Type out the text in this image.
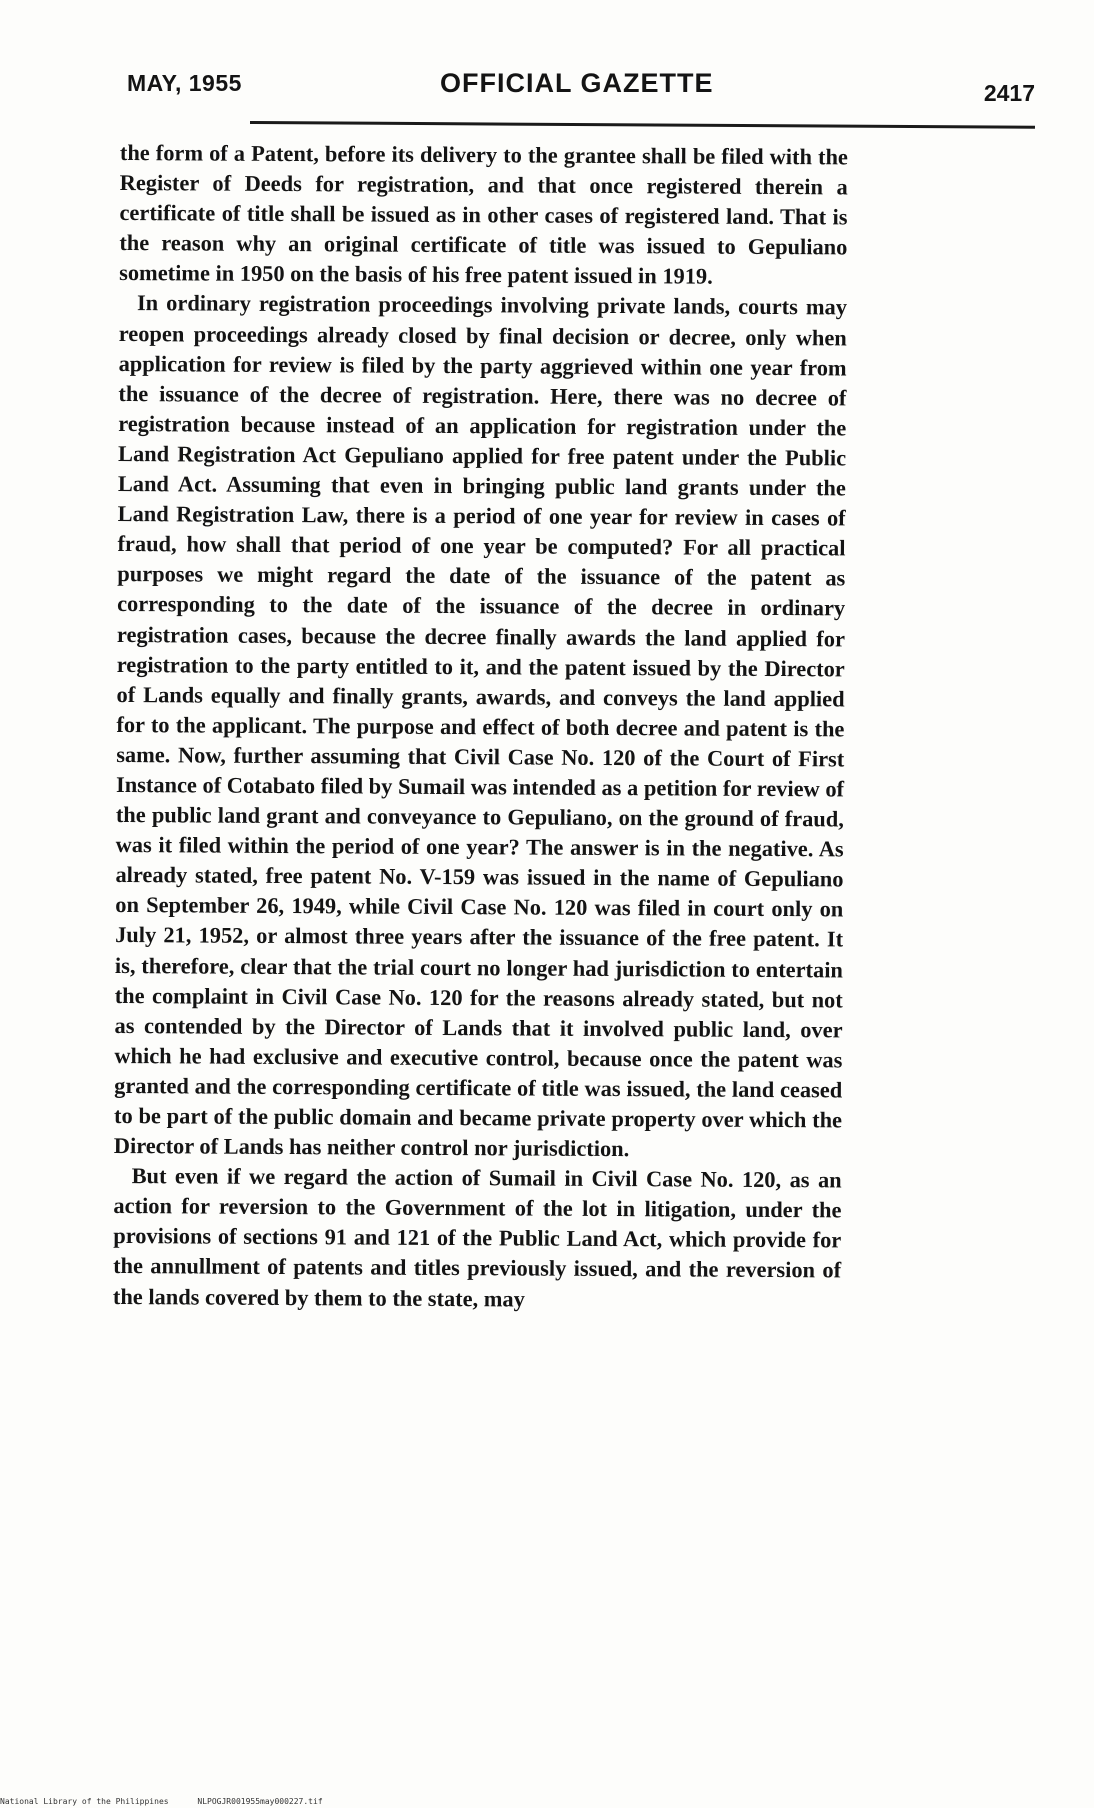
MAY, 1955	OFFICIAL GAZETTE	2417

the form of a Patent, before its delivery to the grantee shall be filed with the Register of Deeds for registration, and that once registered therein a certificate of title shall be issued as in other cases of registered land. That is the reason why an original certificate of title was issued to Gepuliano sometime in 1950 on the basis of his free patent issued in 1919.

In ordinary registration proceedings involving private lands, courts may reopen proceedings already closed by final decision or decree, only when application for review is filed by the party aggrieved within one year from the issuance of the decree of registration. Here, there was no decree of registration because instead of an application for registration under the Land Registration Act Gepuliano applied for free patent under the Public Land Act. Assuming that even in bringing public land grants under the Land Registration Law, there is a period of one year for review in cases of fraud, how shall that period of one year be computed? For all practical purposes we might regard the date of the issuance of the patent as corresponding to the date of the issuance of the decree in ordinary registration cases, because the decree finally awards the land applied for registration to the party entitled to it, and the patent issued by the Director of Lands equally and finally grants, awards, and conveys the land applied for to the applicant. The purpose and effect of both decree and patent is the same. Now, further assuming that Civil Case No. 120 of the Court of First Instance of Cotabato filed by Sumail was intended as a petition for review of the public land grant and conveyance to Gepuliano, on the ground of fraud, was it filed within the period of one year? The answer is in the negative. As already stated, free patent No. V-159 was issued in the name of Gepuliano on September 26, 1949, while Civil Case No. 120 was filed in court only on July 21, 1952, or almost three years after the issuance of the free patent. It is, therefore, clear that the trial court no longer had jurisdiction to entertain the complaint in Civil Case No. 120 for the reasons already stated, but not as contended by the Director of Lands that it involved public land, over which he had exclusive and executive control, because once the patent was granted and the corresponding certificate of title was issued, the land ceased to be part of the public domain and became private property over which the Director of Lands has neither control nor jurisdiction.

But even if we regard the action of Sumail in Civil Case No. 120, as an action for reversion to the Government of the lot in litigation, under the provisions of sections 91 and 121 of the Public Land Act, which provide for the annullment of patents and titles previously issued, and the reversion of the lands covered by them to the state, may

National Library of the Philippines	NLPOGJR001955may000227.tif
